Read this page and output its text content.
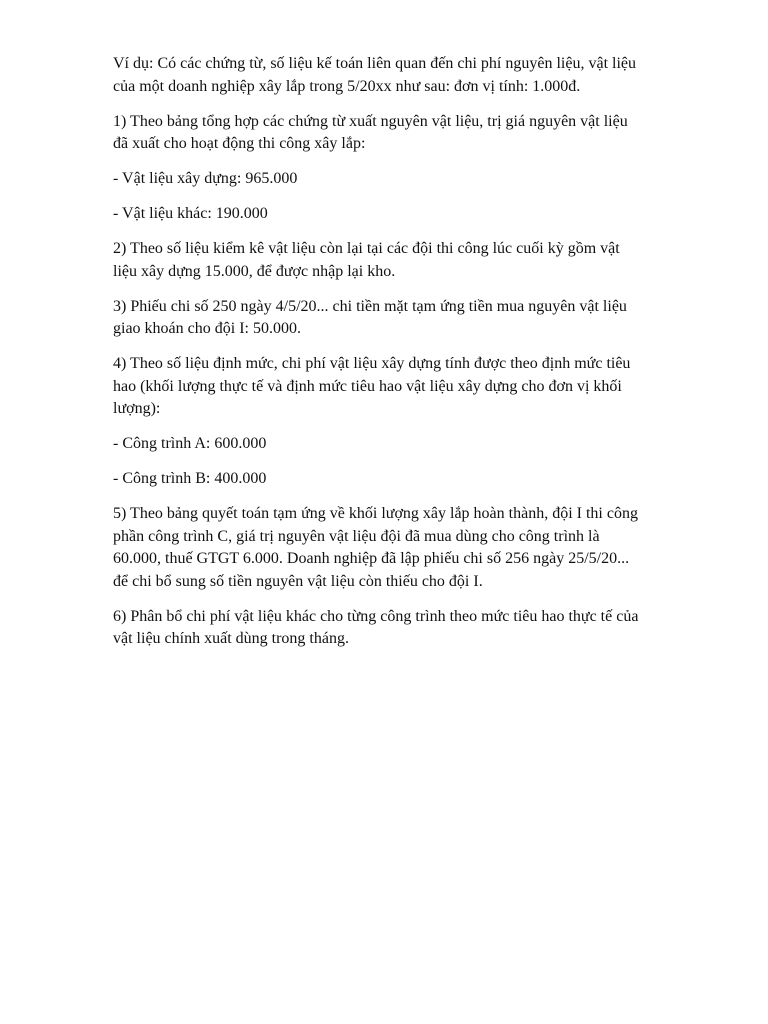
Ví dụ: Có các chứng từ, số liệu kế toán liên quan đến chi phí nguyên liệu, vật liệu
của một doanh nghiệp xây lắp trong 5/20xx như sau: đơn vị tính: 1.000đ.

1) Theo bảng tổng hợp các chứng từ xuất nguyên vật liệu, trị giá nguyên vật liệu
đã xuất cho hoạt động thi công xây lắp:

- Vật liệu xây dựng: 965.000

- Vật liệu khác: 190.000

2) Theo số liệu kiểm kê vật liệu còn lại tại các đội thi công lúc cuối kỳ gồm vật
liệu xây dựng 15.000, để được nhập lại kho.

3) Phiếu chi số 250 ngày 4/5/20... chi tiền mặt tạm ứng tiền mua nguyên vật liệu
giao khoán cho đội I: 50.000.

4) Theo số liệu định mức, chi phí vật liệu xây dựng tính được theo định mức tiêu
hao (khối lượng thực tế và định mức tiêu hao vật liệu xây dựng cho đơn vị khối
lượng):

- Công trình A: 600.000

- Công trình B: 400.000

5) Theo bảng quyết toán tạm ứng về khối lượng xây lắp hoàn thành, đội I thi công
phần công trình C, giá trị nguyên vật liệu đội đã mua dùng cho công trình là
60.000, thuế GTGT 6.000. Doanh nghiệp đã lập phiếu chi số 256 ngày 25/5/20...
để chi bổ sung số tiền nguyên vật liệu còn thiếu cho đội I.

6) Phân bổ chi phí vật liệu khác cho từng công trình theo mức tiêu hao thực tế của
vật liệu chính xuất dùng trong tháng.
